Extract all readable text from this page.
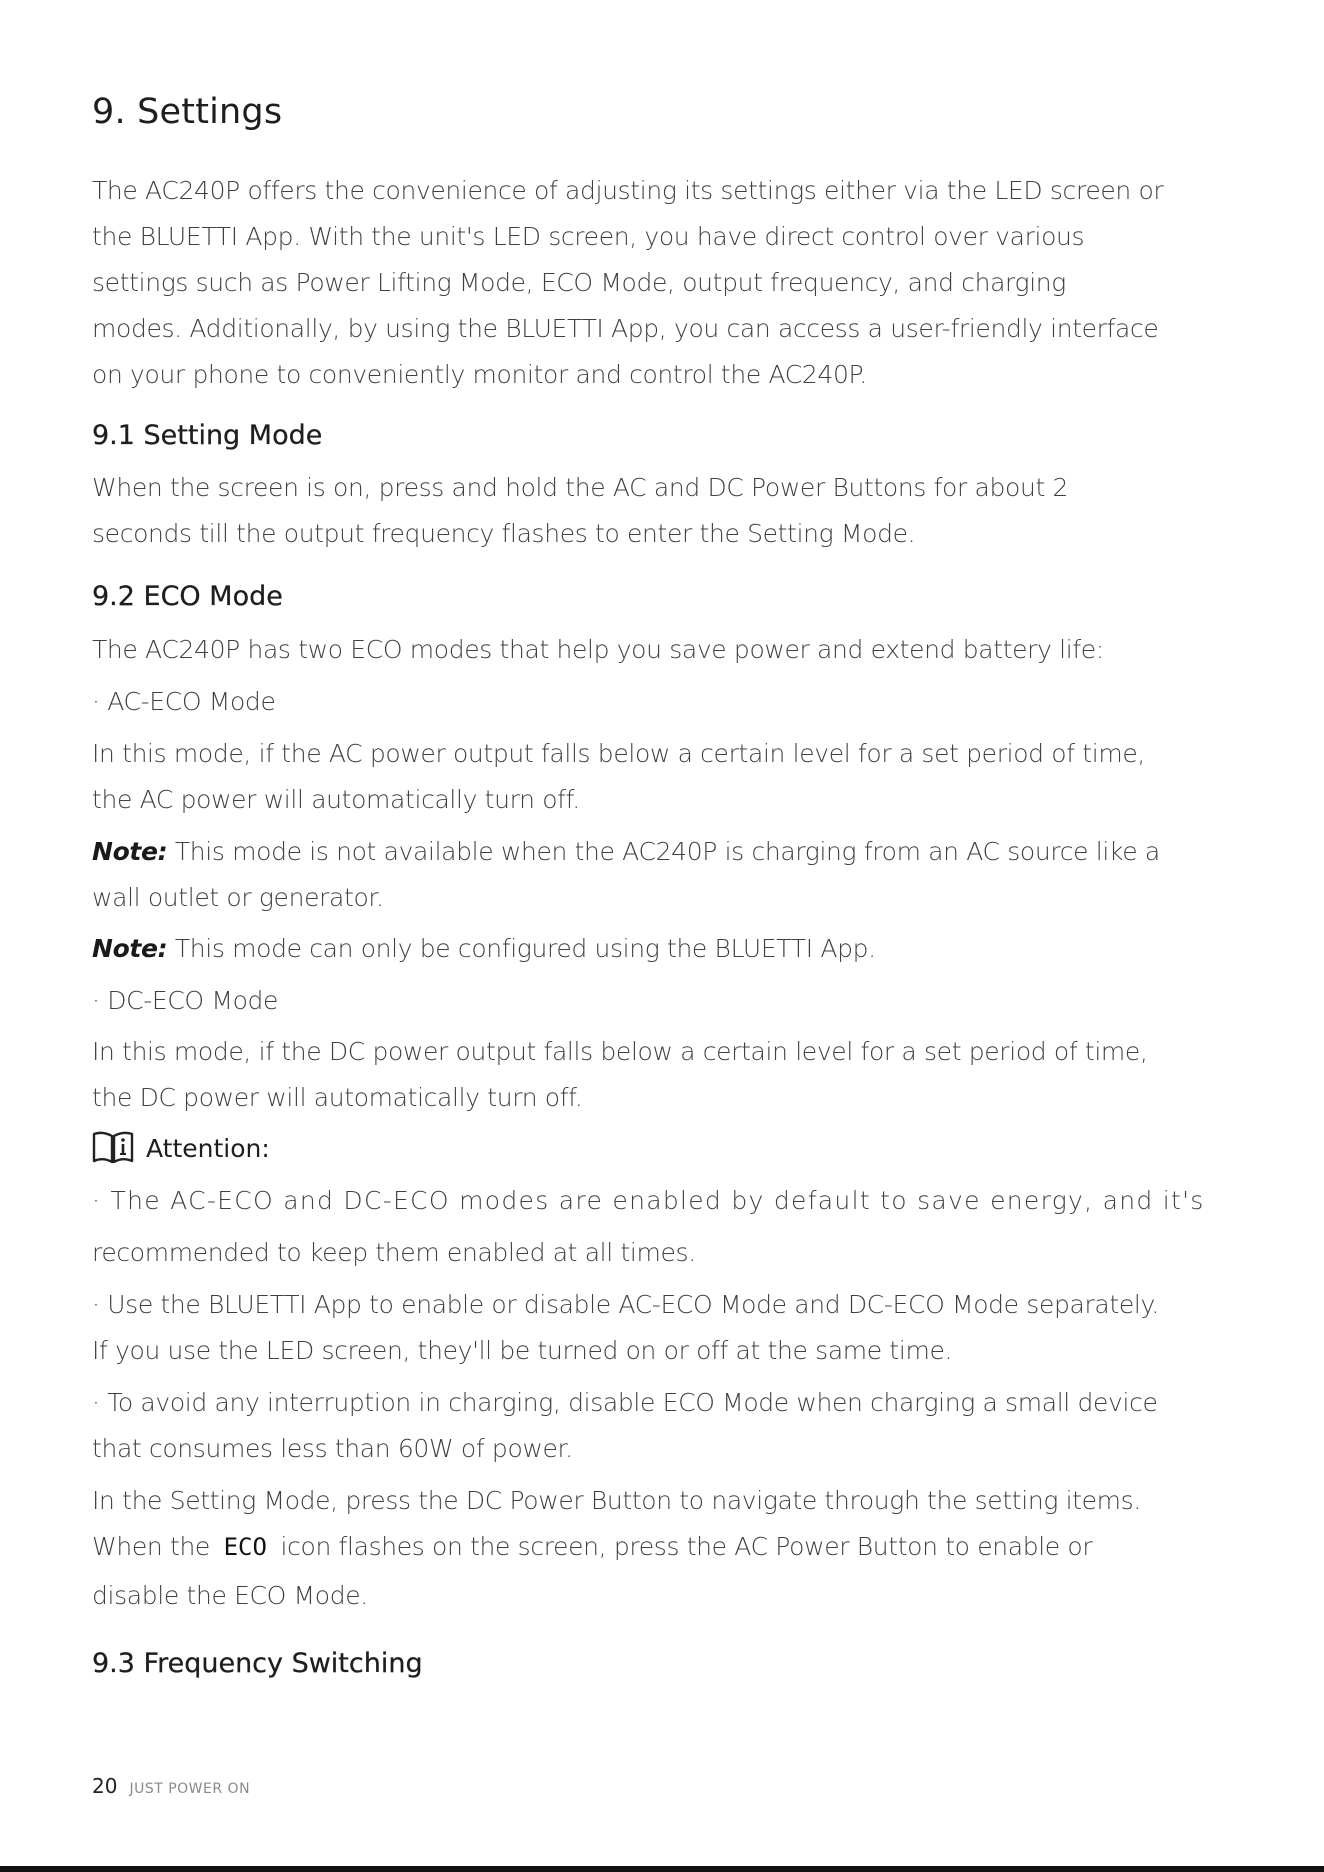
9. Settings
The AC240P offers the convenience of adjusting its settings either via the LED screen or
the BLUETTI App. With the unit's LED screen, you have direct control over various
settings such as Power Lifting Mode, ECO Mode, output frequency, and charging
modes. Additionally, by using the BLUETTI App, you can access a user-friendly interface
on your phone to conveniently monitor and control the AC240P.
9.1 Setting Mode
When the screen is on, press and hold the AC and DC Power Buttons for about 2
seconds till the output frequency flashes to enter the Setting Mode.
9.2 ECO Mode
The AC240P has two ECO modes that help you save power and extend battery life:
· AC-ECO Mode
In this mode, if the AC power output falls below a certain level for a set period of time,
the AC power will automatically turn off.
Note: This mode is not available when the AC240P is charging from an AC source like a
wall outlet or generator.
Note: This mode can only be configured using the BLUETTI App.
· DC-ECO Mode
In this mode, if the DC power output falls below a certain level for a set period of time,
the DC power will automatically turn off.
Attention:
· The AC-ECO and DC-ECO modes are enabled by default to save energy, and it's
recommended to keep them enabled at all times.
· Use the BLUETTI App to enable or disable AC-ECO Mode and DC-ECO Mode separately.
If you use the LED screen, they'll be turned on or off at the same time.
· To avoid any interruption in charging, disable ECO Mode when charging a small device
that consumes less than 60W of power.
In the Setting Mode, press the DC Power Button to navigate through the setting items.
When the ECO icon flashes on the screen, press the AC Power Button to enable or
disable the ECO Mode.
9.3 Frequency Switching
20 JUST POWER ON
